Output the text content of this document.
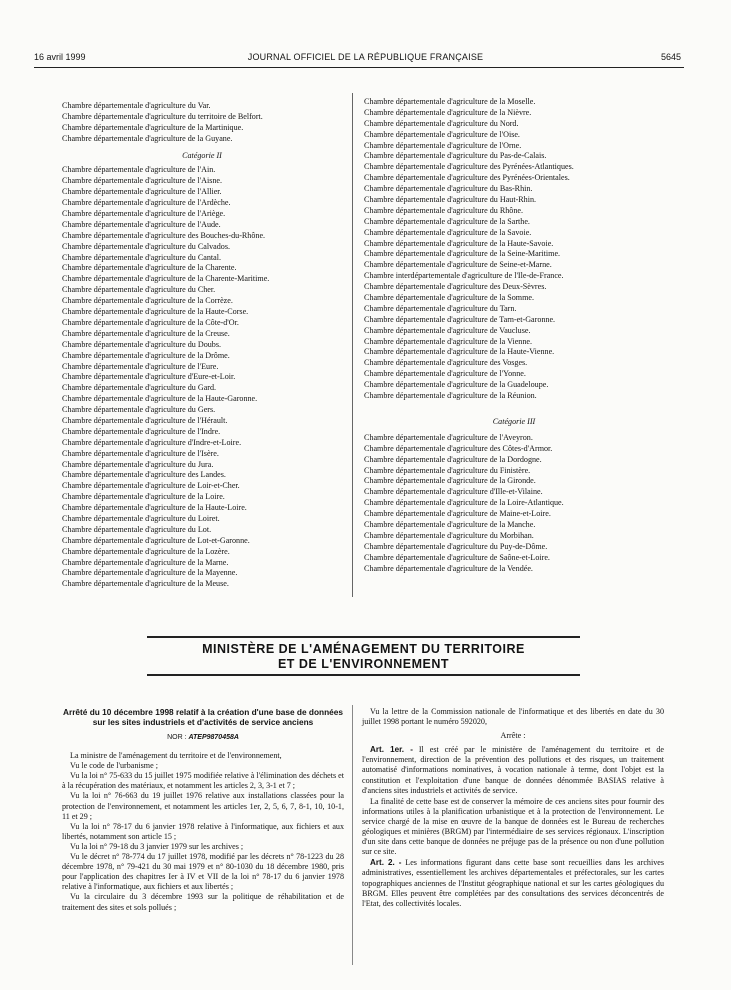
16 avril 1999	JOURNAL OFFICIEL DE LA RÉPUBLIQUE FRANÇAISE	5645
Chambre départementale d'agriculture du Var.
Chambre départementale d'agriculture du territoire de Belfort.
Chambre départementale d'agriculture de la Martinique.
Chambre départementale d'agriculture de la Guyane.
Catégorie II
Chambre départementale d'agriculture de l'Ain.
Chambre départementale d'agriculture de l'Aisne.
Chambre départementale d'agriculture de l'Allier.
Chambre départementale d'agriculture de l'Ardèche.
Chambre départementale d'agriculture de l'Ariège.
Chambre départementale d'agriculture de l'Aude.
Chambre départementale d'agriculture des Bouches-du-Rhône.
Chambre départementale d'agriculture du Calvados.
Chambre départementale d'agriculture du Cantal.
Chambre départementale d'agriculture de la Charente.
Chambre départementale d'agriculture de la Charente-Maritime.
Chambre départementale d'agriculture du Cher.
Chambre départementale d'agriculture de la Corrèze.
Chambre départementale d'agriculture de la Haute-Corse.
Chambre départementale d'agriculture de la Côte-d'Or.
Chambre départementale d'agriculture de la Creuse.
Chambre départementale d'agriculture du Doubs.
Chambre départementale d'agriculture de la Drôme.
Chambre départementale d'agriculture de l'Eure.
Chambre départementale d'agriculture d'Eure-et-Loir.
Chambre départementale d'agriculture du Gard.
Chambre départementale d'agriculture de la Haute-Garonne.
Chambre départementale d'agriculture du Gers.
Chambre départementale d'agriculture de l'Hérault.
Chambre départementale d'agriculture de l'Indre.
Chambre départementale d'agriculture d'Indre-et-Loire.
Chambre départementale d'agriculture de l'Isère.
Chambre départementale d'agriculture du Jura.
Chambre départementale d'agriculture des Landes.
Chambre départementale d'agriculture de Loir-et-Cher.
Chambre départementale d'agriculture de la Loire.
Chambre départementale d'agriculture de la Haute-Loire.
Chambre départementale d'agriculture du Loiret.
Chambre départementale d'agriculture du Lot.
Chambre départementale d'agriculture de Lot-et-Garonne.
Chambre départementale d'agriculture de la Lozère.
Chambre départementale d'agriculture de la Marne.
Chambre départementale d'agriculture de la Mayenne.
Chambre départementale d'agriculture de la Meuse.
Chambre départementale d'agriculture de la Moselle.
Chambre départementale d'agriculture de la Nièvre.
Chambre départementale d'agriculture du Nord.
Chambre départementale d'agriculture de l'Oise.
Chambre départementale d'agriculture de l'Orne.
Chambre départementale d'agriculture du Pas-de-Calais.
Chambre départementale d'agriculture des Pyrénées-Atlantiques.
Chambre départementale d'agriculture des Pyrénées-Orientales.
Chambre départementale d'agriculture du Bas-Rhin.
Chambre départementale d'agriculture du Haut-Rhin.
Chambre départementale d'agriculture du Rhône.
Chambre départementale d'agriculture de la Sarthe.
Chambre départementale d'agriculture de la Savoie.
Chambre départementale d'agriculture de la Haute-Savoie.
Chambre départementale d'agriculture de la Seine-Maritime.
Chambre départementale d'agriculture de Seine-et-Marne.
Chambre interdépartementale d'agriculture de l'Ile-de-France.
Chambre départementale d'agriculture des Deux-Sèvres.
Chambre départementale d'agriculture de la Somme.
Chambre départementale d'agriculture du Tarn.
Chambre départementale d'agriculture de Tarn-et-Garonne.
Chambre départementale d'agriculture de Vaucluse.
Chambre départementale d'agriculture de la Vienne.
Chambre départementale d'agriculture de la Haute-Vienne.
Chambre départementale d'agriculture des Vosges.
Chambre départementale d'agriculture de l'Yonne.
Chambre départementale d'agriculture de la Guadeloupe.
Chambre départementale d'agriculture de la Réunion.
Catégorie III
Chambre départementale d'agriculture de l'Aveyron.
Chambre départementale d'agriculture des Côtes-d'Armor.
Chambre départementale d'agriculture de la Dordogne.
Chambre départementale d'agriculture du Finistère.
Chambre départementale d'agriculture de la Gironde.
Chambre départementale d'agriculture d'Ille-et-Vilaine.
Chambre départementale d'agriculture de la Loire-Atlantique.
Chambre départementale d'agriculture de Maine-et-Loire.
Chambre départementale d'agriculture de la Manche.
Chambre départementale d'agriculture du Morbihan.
Chambre départementale d'agriculture du Puy-de-Dôme.
Chambre départementale d'agriculture de Saône-et-Loire.
Chambre départementale d'agriculture de la Vendée.
MINISTÈRE DE L'AMÉNAGEMENT DU TERRITOIRE
ET DE L'ENVIRONNEMENT
Arrêté du 10 décembre 1998 relatif à la création d'une base de données sur les sites industriels et d'activités de service anciens
NOR : ATEP9870458A
La ministre de l'aménagement du territoire et de l'environnement,
Vu le code de l'urbanisme ;
Vu la loi n° 75-633 du 15 juillet 1975 modifiée relative à l'élimination des déchets et à la récupération des matériaux, et notamment les articles 2, 3, 3-1 et 7 ;
Vu la loi n° 76-663 du 19 juillet 1976 relative aux installations classées pour la protection de l'environnement, et notamment les articles 1er, 2, 5, 6, 7, 8-1, 10, 10-1, 11 et 29 ;
Vu la loi n° 78-17 du 6 janvier 1978 relative à l'informatique, aux fichiers et aux libertés, notamment son article 15 ;
Vu la loi n° 79-18 du 3 janvier 1979 sur les archives ;
Vu le décret n° 78-774 du 17 juillet 1978, modifié par les décrets n° 78-1223 du 28 décembre 1978, n° 79-421 du 30 mai 1979 et n° 80-1030 du 18 décembre 1980, pris pour l'application des chapitres Ier à IV et VII de la loi n° 78-17 du 6 janvier 1978 relative à l'informatique, aux fichiers et aux libertés ;
Vu la circulaire du 3 décembre 1993 sur la politique de réhabilitation et de traitement des sites et sols pollués ;
Vu la lettre de la Commission nationale de l'informatique et des libertés en date du 30 juillet 1998 portant le numéro 592020,
Arrête :
Art. 1er. - Il est créé par le ministère de l'aménagement du territoire et de l'environnement, direction de la prévention des pollutions et des risques, un traitement automatisé d'informations nominatives, à vocation nationale à terme, dont l'objet est la constitution et l'exploitation d'une banque de données dénommée BASIAS relative à d'anciens sites industriels et activités de service.
La finalité de cette base est de conserver la mémoire de ces anciens sites pour fournir des informations utiles à la planification urbanistique et à la protection de l'environnement. Le service chargé de la mise en œuvre de la banque de données est le Bureau de recherches géologiques et minières (BRGM) par l'intermédiaire de ses services régionaux. L'inscription d'un site dans cette banque de données ne préjuge pas de la présence ou non d'une pollution sur ce site.
Art. 2. - Les informations figurant dans cette base sont recueillies dans les archives administratives, essentiellement les archives départementales et préfectorales, sur les cartes topographiques anciennes de l'Institut géographique national et sur les cartes géologiques du BRGM. Elles peuvent être complétées par des consultations des services déconcentrés de l'Etat, des collectivités locales.
